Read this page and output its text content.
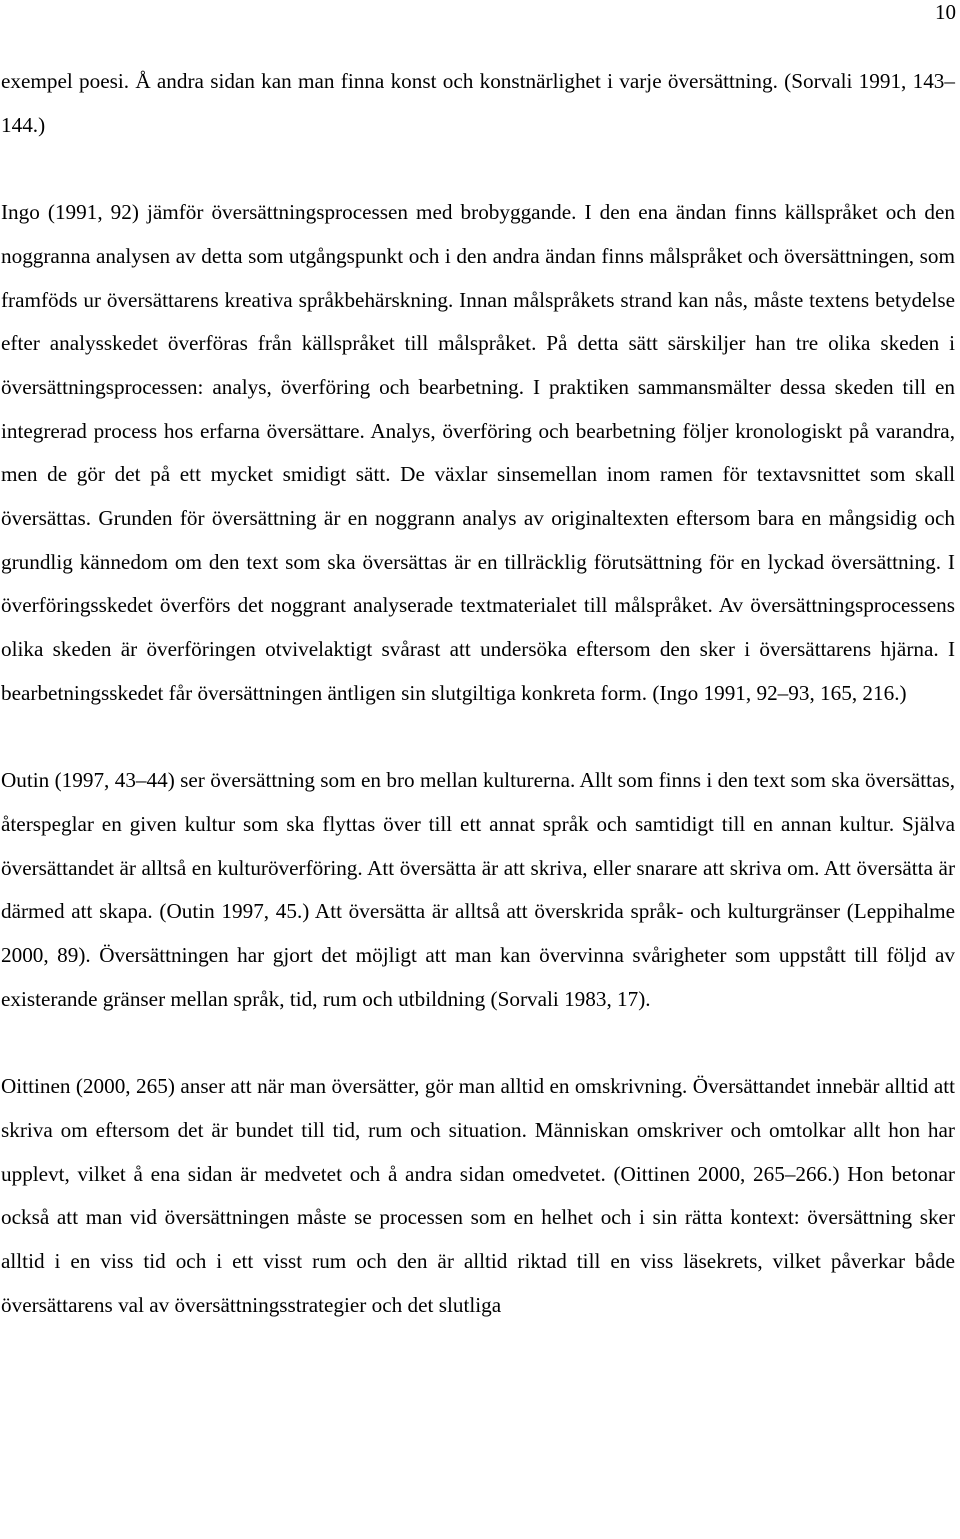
10

exempel poesi. Å andra sidan kan man finna konst och konstnärlighet i varje översättning. (Sorvali 1991, 143–144.)

Ingo (1991, 92) jämför översättningsprocessen med brobyggande. I den ena ändan finns källspråket och den noggranna analysen av detta som utgångspunkt och i den andra ändan finns målspråket och översättningen, som framföds ur översättarens kreativa språkbehärskning. Innan målspråkets strand kan nås, måste textens betydelse efter analysskedet överföras från källspråket till målspråket. På detta sätt särskiljer han tre olika skeden i översättningsprocessen: analys, överföring och bearbetning. I praktiken sammansmälter dessa skeden till en integrerad process hos erfarna översättare. Analys, överföring och bearbetning följer kronologiskt på varandra, men de gör det på ett mycket smidigt sätt. De växlar sinsemellan inom ramen för textavsnittet som skall översättas. Grunden för översättning är en noggrann analys av originaltexten eftersom bara en mångsidig och grundlig kännedom om den text som ska översättas är en tillräcklig förutsättning för en lyckad översättning. I överföringsskedet överförs det noggrant analyserade textmaterialet till målspråket. Av översättningsprocessens olika skeden är överföringen otvivelaktigt svårast att undersöka eftersom den sker i översättarens hjärna. I bearbetningsskedet får översättningen äntligen sin slutgiltiga konkreta form. (Ingo 1991, 92–93, 165, 216.)

Outin (1997, 43–44) ser översättning som en bro mellan kulturerna. Allt som finns i den text som ska översättas, återspeglar en given kultur som ska flyttas över till ett annat språk och samtidigt till en annan kultur. Själva översättandet är alltså en kulturöverföring. Att översätta är att skriva, eller snarare att skriva om. Att översätta är därmed att skapa. (Outin 1997, 45.) Att översätta är alltså att överskrida språk- och kulturgränser (Leppihalme 2000, 89). Översättningen har gjort det möjligt att man kan övervinna svårigheter som uppstått till följd av existerande gränser mellan språk, tid, rum och utbildning (Sorvali 1983, 17).

Oittinen (2000, 265) anser att när man översätter, gör man alltid en omskrivning. Översättandet innebär alltid att skriva om eftersom det är bundet till tid, rum och situation. Människan omskriver och omtolkar allt hon har upplevt, vilket å ena sidan är medvetet och å andra sidan omedvetet. (Oittinen 2000, 265–266.) Hon betonar också att man vid översättningen måste se processen som en helhet och i sin rätta kontext: översättning sker alltid i en viss tid och i ett visst rum och den är alltid riktad till en viss läsekrets, vilket påverkar både översättarens val av översättningsstrategier och det slutliga
